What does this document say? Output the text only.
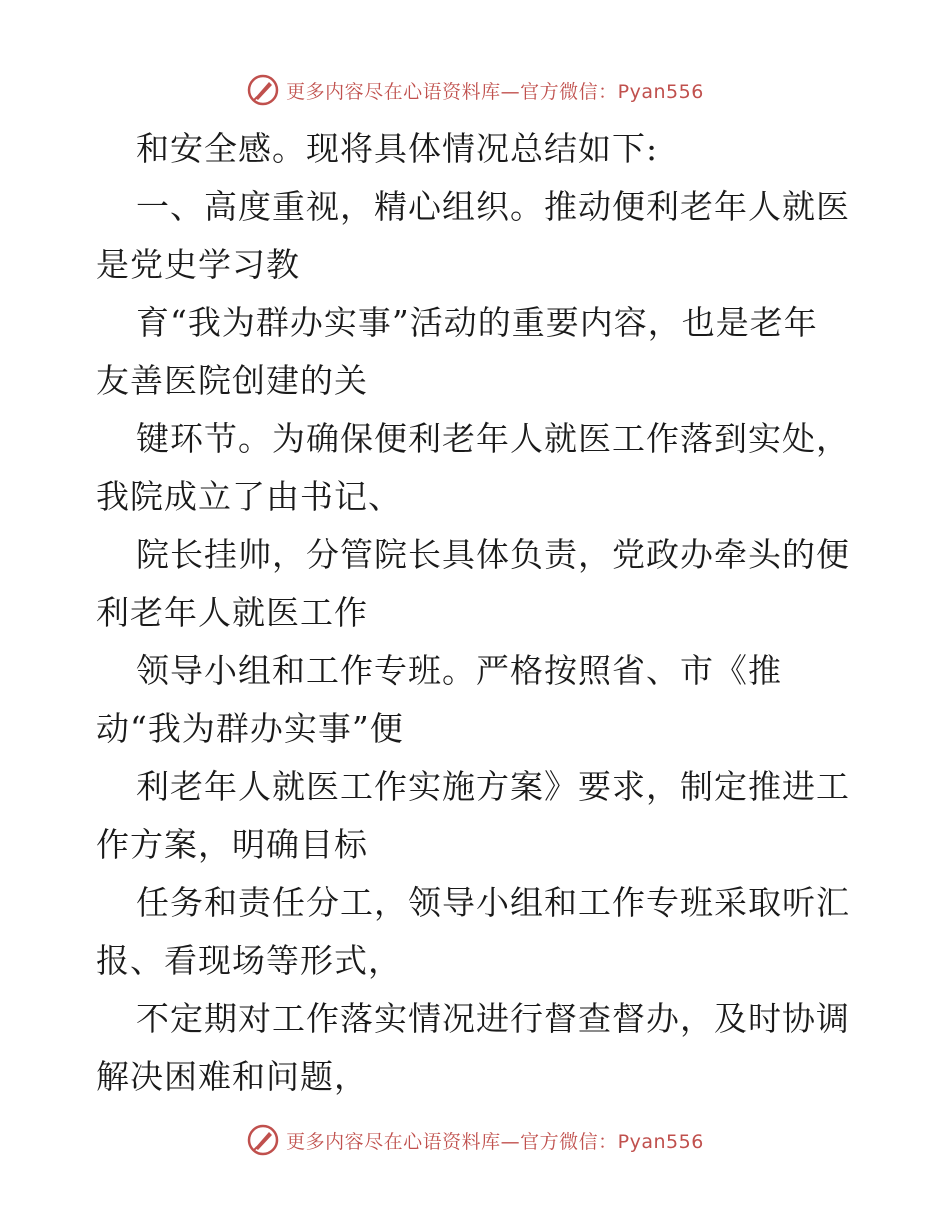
更多内容尽在心语资料库—官方微信：Pyan556
和安全感。现将具体情况总结如下:
一、高度重视，精心组织。推动便利老年人就医
是党史学习教
育“我为群办实事”活动的重要内容，也是老年
友善医院创建的关
键环节。为确保便利老年人就医工作落到实处，
我院成立了由书记、
院长挂帅，分管院长具体负责，党政办牵头的便
利老年人就医工作
领导小组和工作专班。严格按照省、市《推
动“我为群办实事”便
利老年人就医工作实施方案》要求，制定推进工
作方案，明确目标
任务和责任分工，领导小组和工作专班采取听汇
报、看现场等形式，
不定期对工作落实情况进行督查督办，及时协调
解决困难和问题，
更多内容尽在心语资料库—官方微信：Pyan556
